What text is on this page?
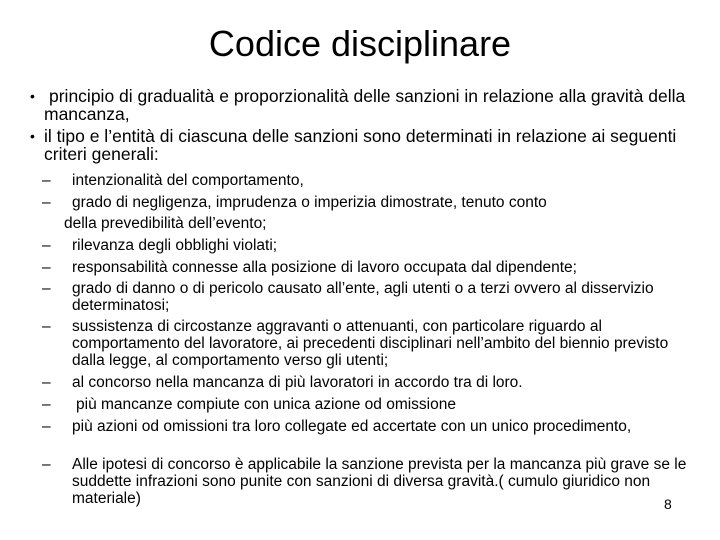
Codice disciplinare
• principio di gradualità e proporzionalità delle sanzioni in relazione alla gravità della mancanza,
• il tipo e l’entità di ciascuna delle sanzioni sono determinati in relazione ai seguenti criteri generali:
– intenzionalità del comportamento,
– grado di negligenza, imprudenza o imperizia dimostrate, tenuto conto
della prevedibilità dell’evento;
– rilevanza degli obblighi violati;
– responsabilità connesse alla posizione di lavoro occupata dal dipendente;
– grado di danno o di pericolo causato all’ente, agli utenti o a terzi ovvero al disservizio determinatosi;
– sussistenza di circostanze aggravanti o attenuanti, con particolare riguardo al comportamento del lavoratore, ai precedenti disciplinari nell’ambito del biennio previsto dalla legge, al comportamento verso gli utenti;
– al concorso nella mancanza di più lavoratori in accordo tra di loro.
– più mancanze compiute con unica azione od omissione
– più azioni od omissioni tra loro collegate ed accertate con un unico procedimento,
– Alle ipotesi di concorso è applicabile la sanzione prevista per la mancanza più grave se le suddette infrazioni sono punite con sanzioni di diversa gravità.( cumulo giuridico non materiale)	8
